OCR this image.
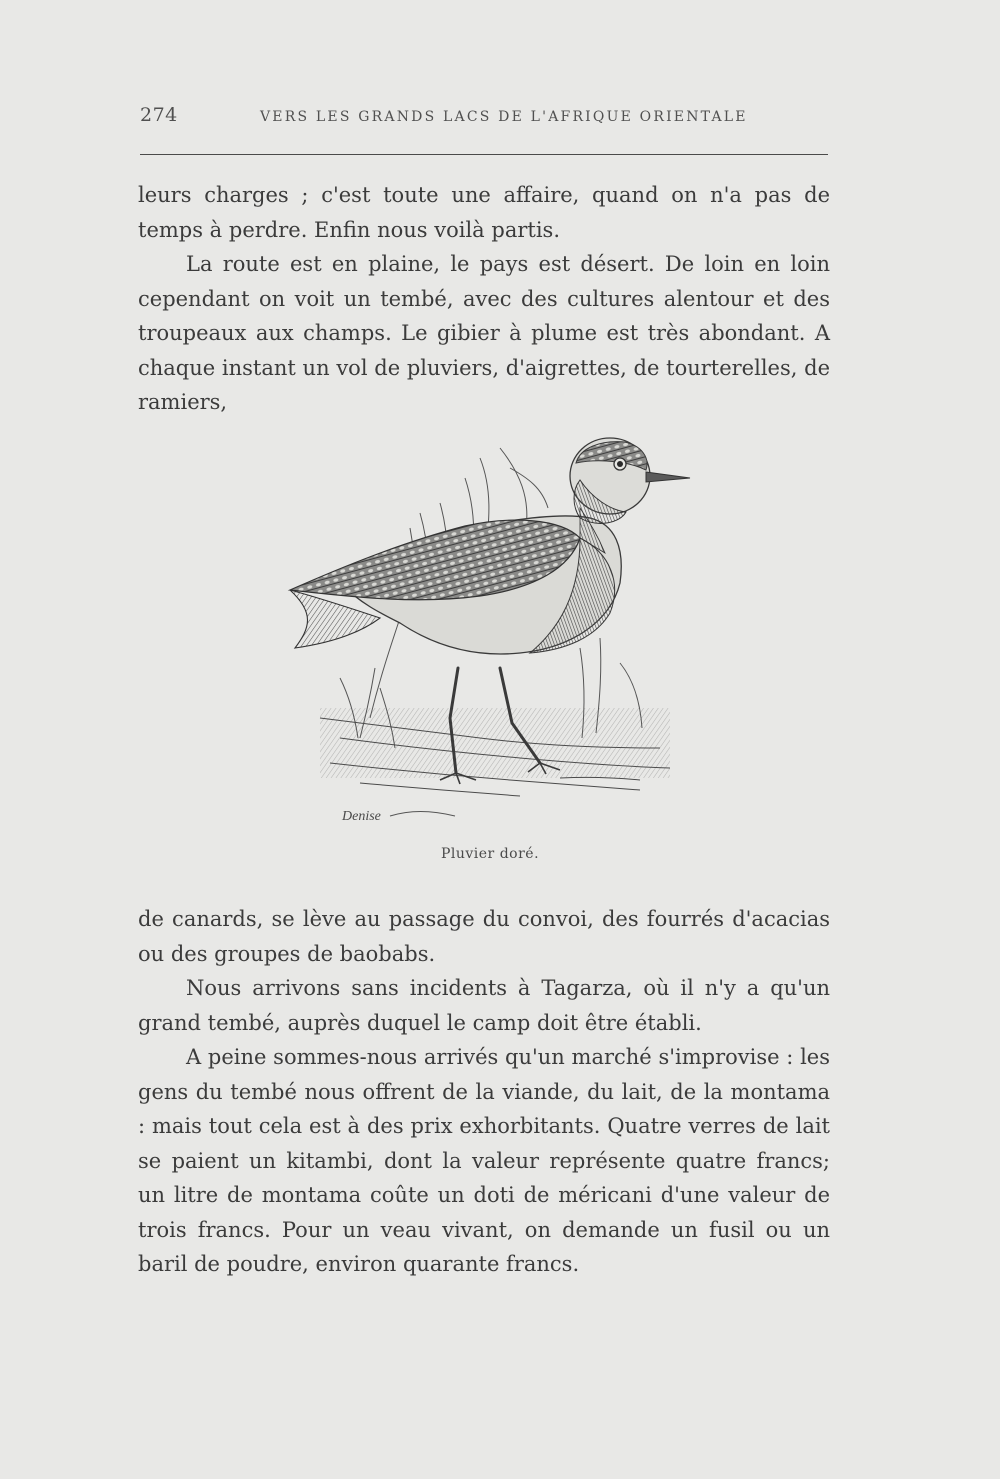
274	VERS LES GRANDS LACS DE L'AFRIQUE ORIENTALE

leurs charges ; c'est toute une affaire, quand on n'a pas de temps à perdre. Enfin nous voilà partis.

La route est en plaine, le pays est désert. De loin en loin cependant on voit un tembé, avec des cultures alentour et des troupeaux aux champs. Le gibier à plume est très abondant. A chaque instant un vol de pluviers, d'aigrettes, de tourterelles, de ramiers,

Denise
Pluvier doré.

de canards, se lève au passage du convoi, des fourrés d'acacias ou des groupes de baobabs.

Nous arrivons sans incidents à Tagarza, où il n'y a qu'un grand tembé, auprès duquel le camp doit être établi.

A peine sommes-nous arrivés qu'un marché s'improvise : les gens du tembé nous offrent de la viande, du lait, de la montama : mais tout cela est à des prix exhorbitants. Quatre verres de lait se paient un kitambi, dont la valeur représente quatre francs; un litre de montama coûte un doti de méricani d'une valeur de trois francs. Pour un veau vivant, on demande un fusil ou un baril de poudre, environ quarante francs.
